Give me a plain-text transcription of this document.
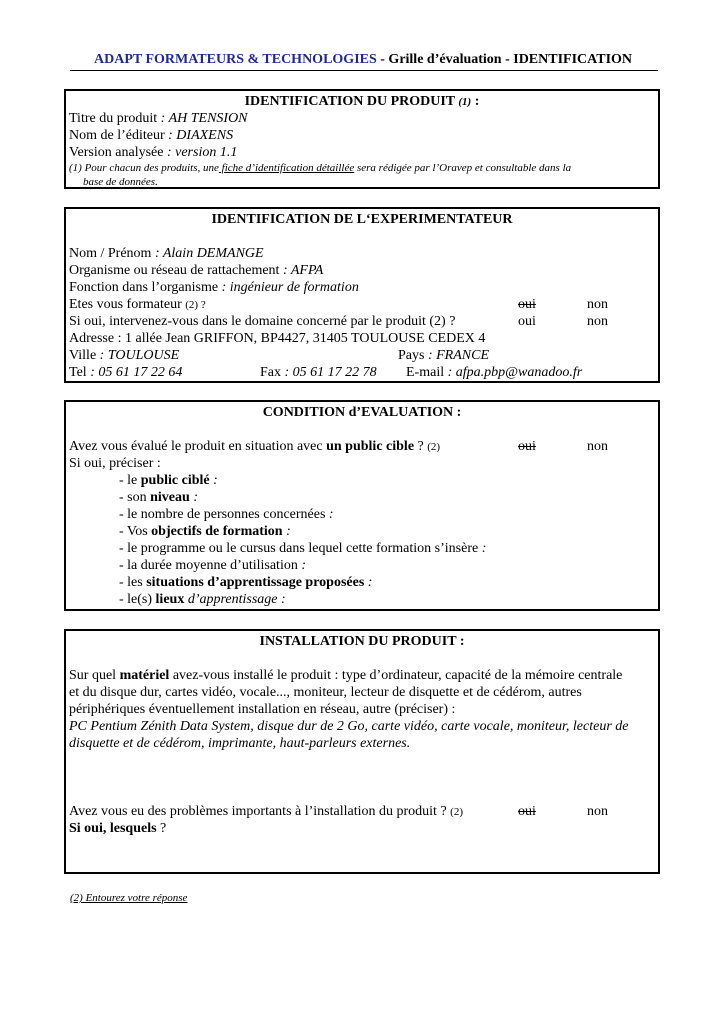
ADAPT FORMATEURS & TECHNOLOGIES - Grille d’évaluation - IDENTIFICATION
IDENTIFICATION DU PRODUIT (1) :
Titre du produit : AH TENSION
Nom de l’éditeur : DIAXENS
Version analysée : version 1.1
(1) Pour chacun des produits, une fiche d’identification détaillée sera rédigée par l’Oravep et consultable dans la
base de données.
IDENTIFICATION DE L‘EXPERIMENTATEUR
Nom / Prénom : Alain DEMANGE
Organisme ou réseau de rattachement : AFPA
Fonction dans l’organisme : ingénieur de formation
Etes vous formateur (2) ?	oui	non
Si oui, intervenez-vous dans le domaine concerné par le produit (2) ?	oui	non
Adresse : 1 allée Jean GRIFFON, BP4427, 31405 TOULOUSE CEDEX 4
Ville : TOULOUSE	Pays : FRANCE
Tel : 05 61 17 22 64	Fax : 05 61 17 22 78 E-mail : afpa.pbp@wanadoo.fr
CONDITION d’EVALUATION :
Avez vous évalué le produit en situation avec un public cible ? (2)	oui	non
Si oui, préciser :
- le public ciblé :
- son niveau :
- le nombre de personnes concernées :
- Vos objectifs de formation :
- le programme ou le cursus dans lequel cette formation s’insère :
- la durée moyenne d’utilisation :
- les situations d’apprentissage proposées :
- le(s) lieux d’apprentissage :
INSTALLATION DU PRODUIT :
Sur quel matériel avez-vous installé le produit : type d’ordinateur, capacité de la mémoire centrale
et du disque dur, cartes vidéo, vocale..., moniteur, lecteur de disquette et de cédérom, autres
périphériques éventuellement installation en réseau, autre (préciser) :
PC Pentium Zénith Data System, disque dur de 2 Go, carte vidéo, carte vocale, moniteur, lecteur de
disquette et de cédérom, imprimante, haut-parleurs externes.
Avez vous eu des problèmes importants à l’installation du produit ? (2)	oui	non
Si oui, lesquels ?
(2) Entourez votre réponse
